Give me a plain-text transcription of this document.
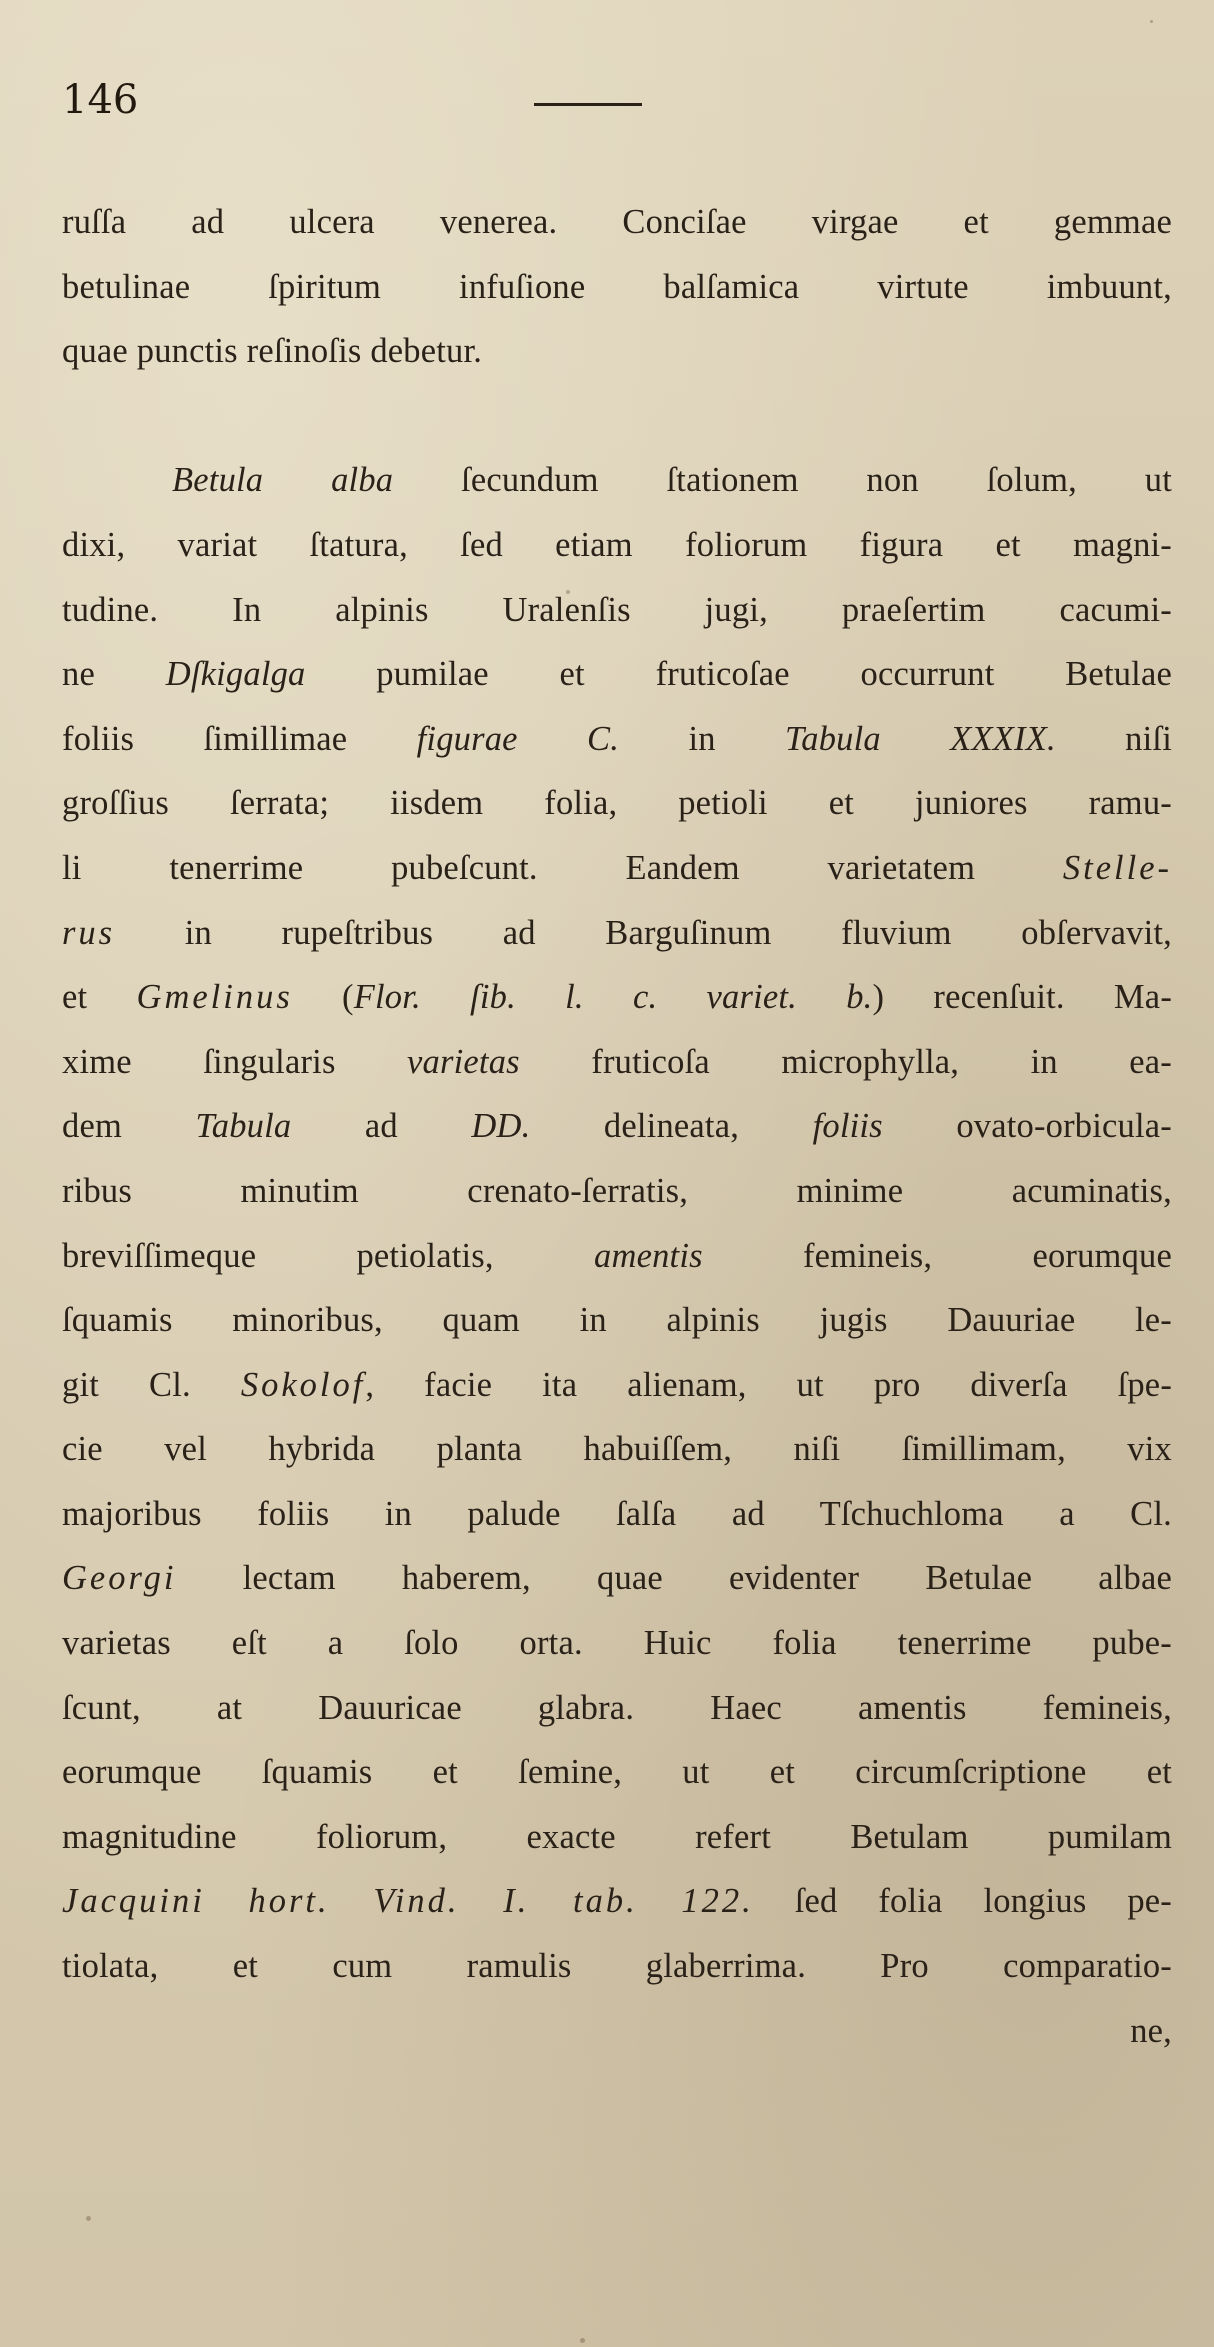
146
ruſſa ad ulcera venerea. Conciſae virgae et gemmae
betulinae ſpiritum infuſione balſamica virtute imbuunt,
quae punctis reſinoſis debetur.
Betula alba ſecundum ſtationem non ſolum, ut
dixi, variat ſtatura, ſed etiam foliorum figura et magni-
tudine. In alpinis Uralenſis jugi, praeſertim cacumi-
ne Dſkigalga pumilae et fruticoſae occurrunt Betulae
foliis ſimillimae figurae C. in Tabula XXXIX. niſi
groſſius ſerrata; iisdem folia, petioli et juniores ramu-
li tenerrime pubeſcunt. Eandem varietatem Stelle-
rus in rupeſtribus ad Barguſinum fluvium obſervavit,
et Gmelinus (Flor. ſib. l. c. variet. b.) recenſuit. Ma-
xime ſingularis varietas fruticoſa microphylla, in ea-
dem Tabula ad DD. delineata, foliis ovato-orbicula-
ribus minutim crenato-ſerratis, minime acuminatis,
breviſſimeque petiolatis, amentis femineis, eorumque
ſquamis minoribus, quam in alpinis jugis Dauuriae le-
git Cl. Sokolof, facie ita alienam, ut pro diverſa ſpe-
cie vel hybrida planta habuiſſem, niſi ſimillimam, vix
majoribus foliis in palude ſalſa ad Tſchuchloma a Cl.
Georgi lectam haberem, quae evidenter Betulae albae
varietas eſt a ſolo orta. Huic folia tenerrime pube-
ſcunt, at Dauuricae glabra. Haec amentis femineis,
eorumque ſquamis et ſemine, ut et circumſcriptione et
magnitudine foliorum, exacte refert Betulam pumilam
Jacquini hort. Vind. I. tab. 122. ſed folia longius pe-
tiolata, et cum ramulis glaberrima. Pro comparatio-
ne,
